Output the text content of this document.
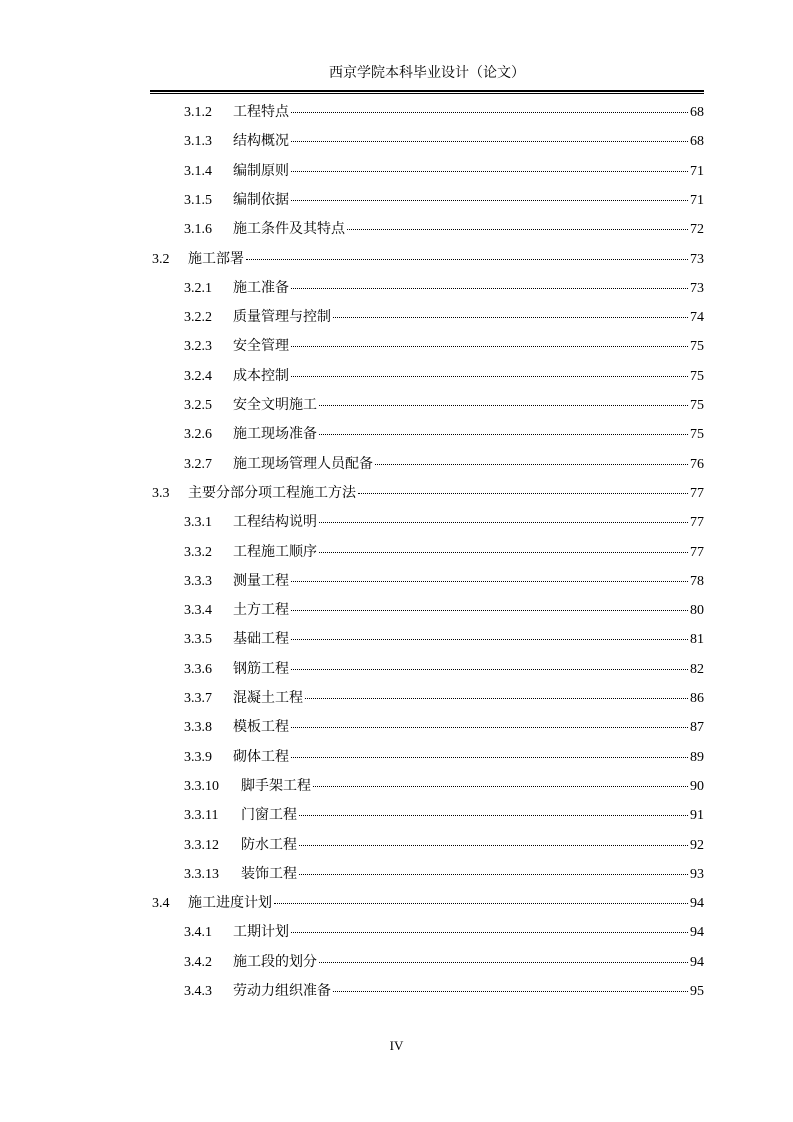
西京学院本科毕业设计（论文）
3.1.2	工程特点	68
3.1.3	结构概况	68
3.1.4	编制原则	71
3.1.5	编制依据	71
3.1.6	施工条件及其特点	72
3.2	施工部署	73
3.2.1	施工准备	73
3.2.2	质量管理与控制	74
3.2.3	安全管理	75
3.2.4	成本控制	75
3.2.5	安全文明施工	75
3.2.6	施工现场准备	75
3.2.7	施工现场管理人员配备	76
3.3	主要分部分项工程施工方法	77
3.3.1	工程结构说明	77
3.3.2	工程施工顺序	77
3.3.3	测量工程	78
3.3.4	土方工程	80
3.3.5	基础工程	81
3.3.6	钢筋工程	82
3.3.7	混凝土工程	86
3.3.8	模板工程	87
3.3.9	砌体工程	89
3.3.10	脚手架工程	90
3.3.11	门窗工程	91
3.3.12	防水工程	92
3.3.13	装饰工程	93
3.4	施工进度计划	94
3.4.1	工期计划	94
3.4.2	施工段的划分	94
3.4.3	劳动力组织准备	95
IV
